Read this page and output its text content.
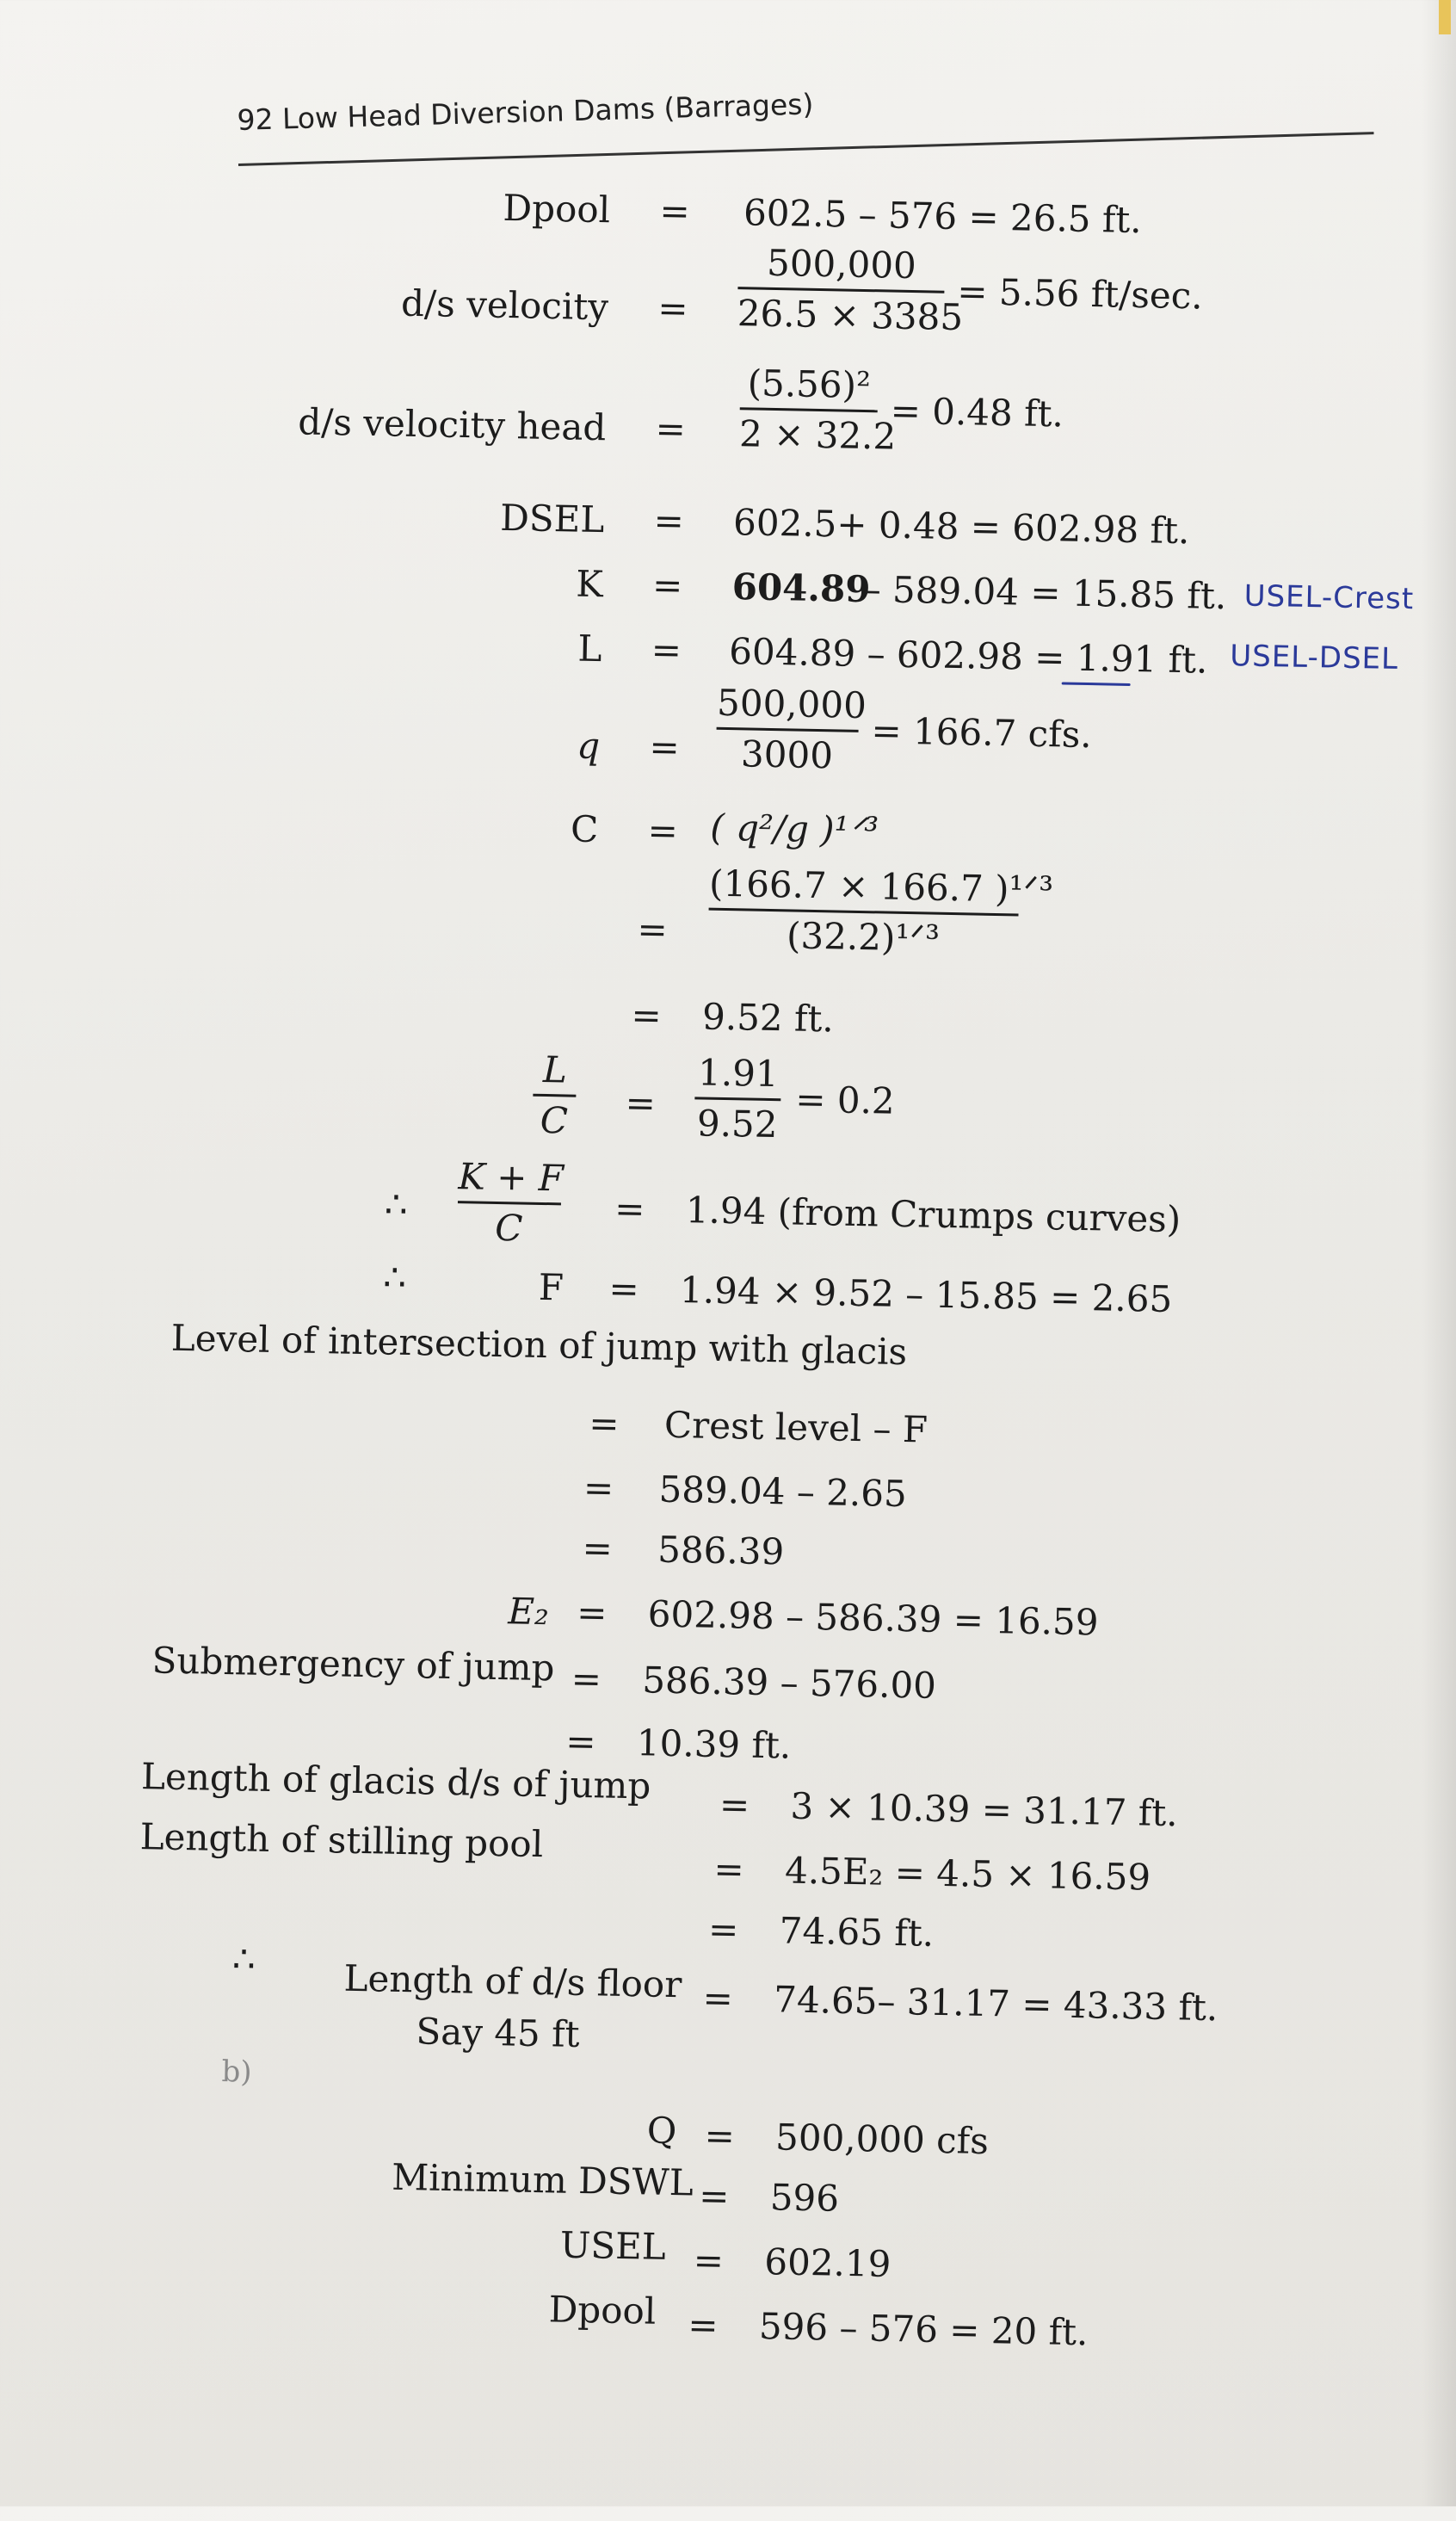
92 Low Head Diversion Dams (Barrages)
Dpool = 602.5 – 576 = 26.5 ft.
d/s velocity =
500,000
26.5 × 3385
= 5.56 ft/sec.
d/s velocity head =
(5.56)²
2 × 32.2
= 0.48 ft.
DSEL = 602.5+ 0.48 = 602.98 ft.
K = 604.89
– 589.04 = 15.85 ft. USEL-Crest
L = 604.89 – 602.98 = 1.91 ft. USEL-DSEL
q =
500,000
3000	= 166.7 cfs.
C = ( q²/g )¹ᐟ³
=
(166.7 × 166.7 )¹ᐟ³
(32.2)¹ᐟ³
= 9.52 ft.
L
C =
1.91
9.52
= 0.2
∴
K + F
C	= 1.94 (from Crumps curves)
∴	F = 1.94 × 9.52 – 15.85 = 2.65
Level of intersection of jump with glacis
= Crest level – F
= 589.04 – 2.65
= 586.39
E₂ = 602.98 – 586.39 = 16.59
Submergency of jump = 586.39 – 576.00
= 10.39 ft.
Length of glacis d/s of jump = 3 × 10.39 = 31.17 ft.
Length of stilling pool
= 4.5E₂ = 4.5 × 16.59
= 74.65 ft.
∴ Length of d/s floor = 74.65– 31.17 = 43.33 ft.
Say 45 ft
b)
Q = 500,000 cfs
Minimum DSWL = 596
USEL = 602.19
Dpool = 596 – 576 = 20 ft.
